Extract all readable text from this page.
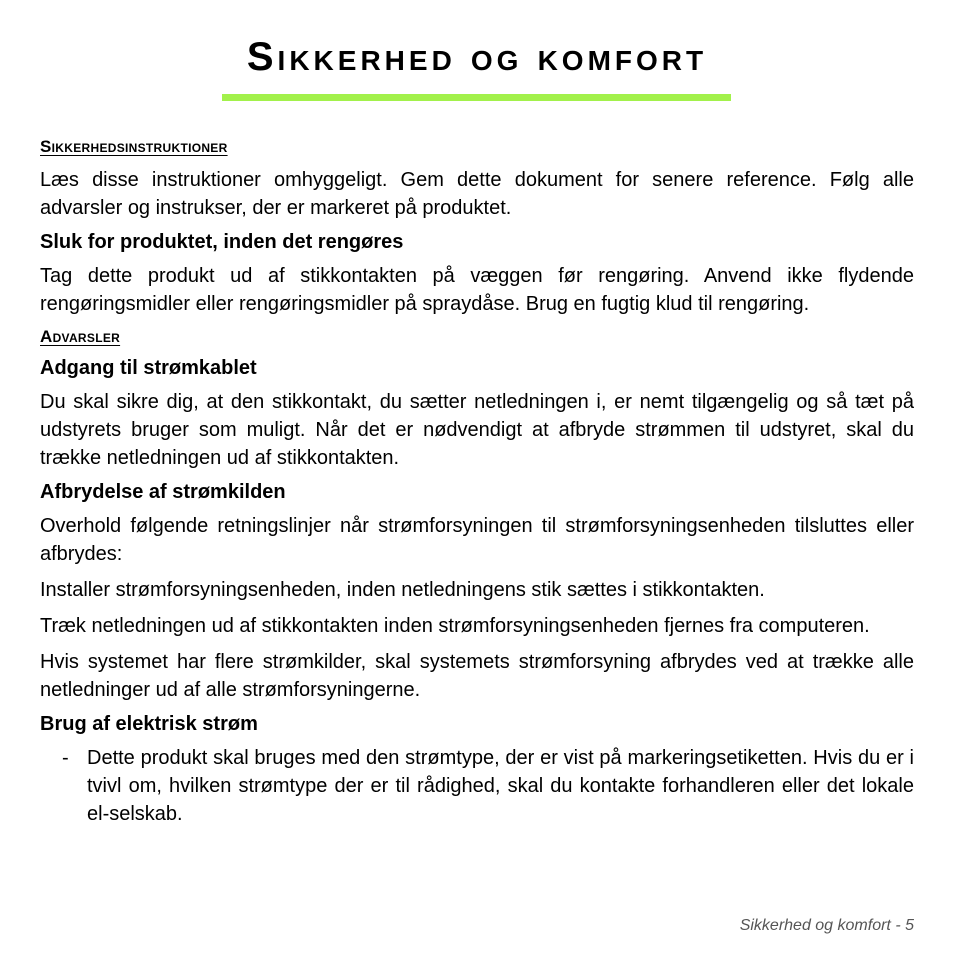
Sikkerhed og komfort
Sikkerhedsinstruktioner

Læs disse instruktioner omhyggeligt. Gem dette dokument for senere reference. Følg alle advarsler og instrukser, der er markeret på produktet.

Sluk for produktet, inden det rengøres

Tag dette produkt ud af stikkontakten på væggen før rengøring. Anvend ikke flydende rengøringsmidler eller rengøringsmidler på spraydåse. Brug en fugtig klud til rengøring.

Advarsler
Adgang til strømkablet

Du skal sikre dig, at den stikkontakt, du sætter netledningen i, er nemt tilgængelig og så tæt på udstyrets bruger som muligt. Når det er nødvendigt at afbryde strømmen til udstyret, skal du trække netledningen ud af stikkontakten.

Afbrydelse af strømkilden

Overhold følgende retningslinjer når strømforsyningen til strømforsyningsenheden tilsluttes eller afbrydes:

Installer strømforsyningsenheden, inden netledningens stik sættes i stikkontakten.

Træk netledningen ud af stikkontakten inden strømforsyningsenheden fjernes fra computeren.

Hvis systemet har flere strømkilder, skal systemets strømforsyning afbrydes ved at trække alle netledninger ud af alle strømforsyningerne.

Brug af elektrisk strøm
- Dette produkt skal bruges med den strømtype, der er vist på markeringsetiketten. Hvis du er i tvivl om, hvilken strømtype der er til rådighed, skal du kontakte forhandleren eller det lokale el-selskab.
Sikkerhed og komfort - 5
